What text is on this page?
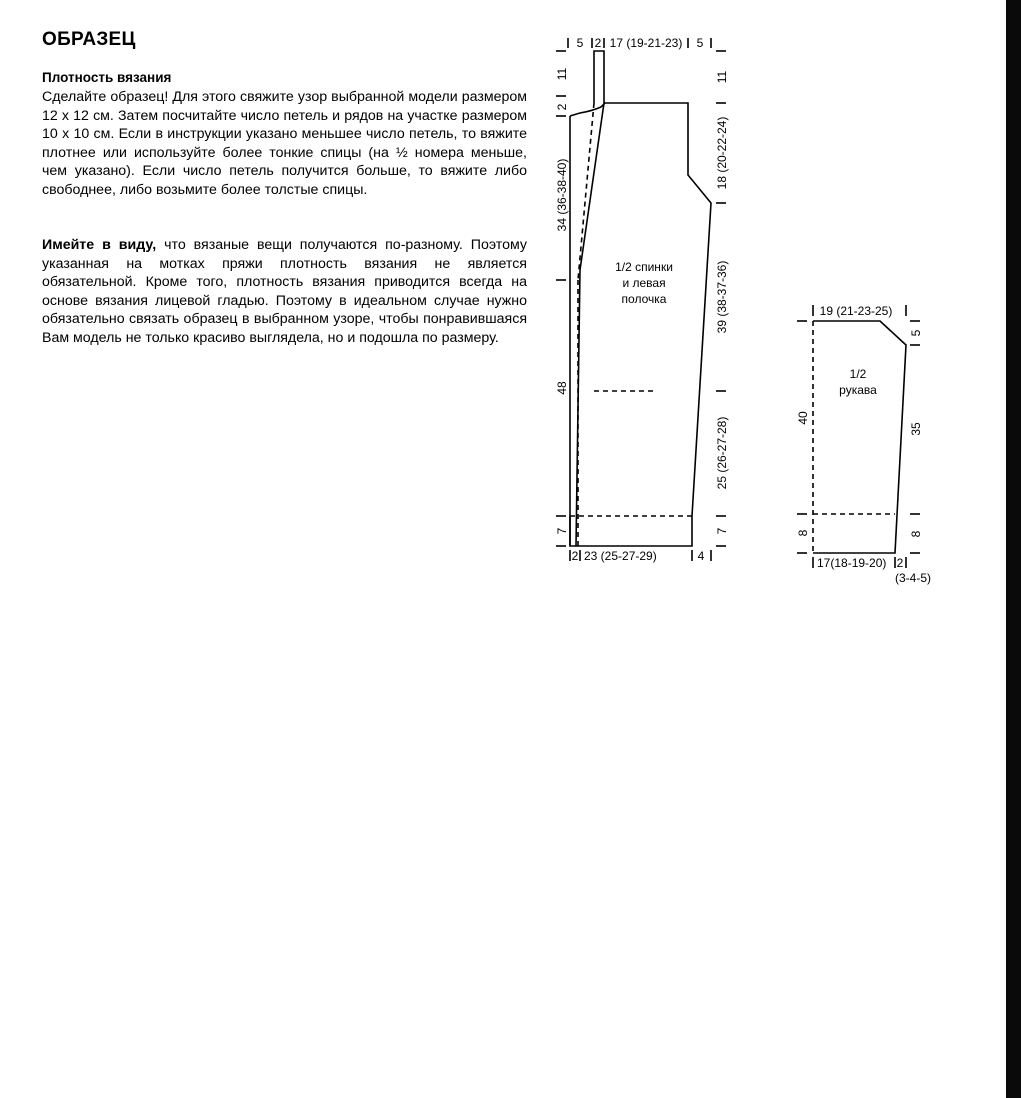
ОБРАЗЕЦ
Плотность вязания

Сделайте образец! Для этого свяжите узор выбранной модели размером 12 х 12 см. Затем посчитайте число петель и рядов на участке размером 10 х 10 см. Если в инструкции указано меньшее число петель, то вяжите плотнее или используйте более тонкие спицы (на ½ номера меньше, чем указано). Если число петель получится больше, то вяжите либо свободнее, либо возьмите более толстые спицы.

Имейте в виду, что вязаные вещи получаются по-разному. Поэтому указанная на мотках пряжи плотность вязания не является обязательной. Кроме того, плотность вязания приводится всегда на основе вязания лицевой гладью. Поэтому в идеальном случае нужно обязательно связать образец в выбранном узоре, чтобы понравившаяся Вам модель не только красиво выглядела, но и подошла по размеру.

5 2 17 (19-21-23) 5
11
2
34 (36-38-40)
48
7
11
18 (20-22-24)
39 (38-37-36)
25 (26-27-28)
7
2 23 (25-27-29)	4
1/2 спинки
и левая
полочка
19 (21-23-25)
40
8
5
35
8
17(18-19-20) 2
(3-4-5)
1/2
рукава
